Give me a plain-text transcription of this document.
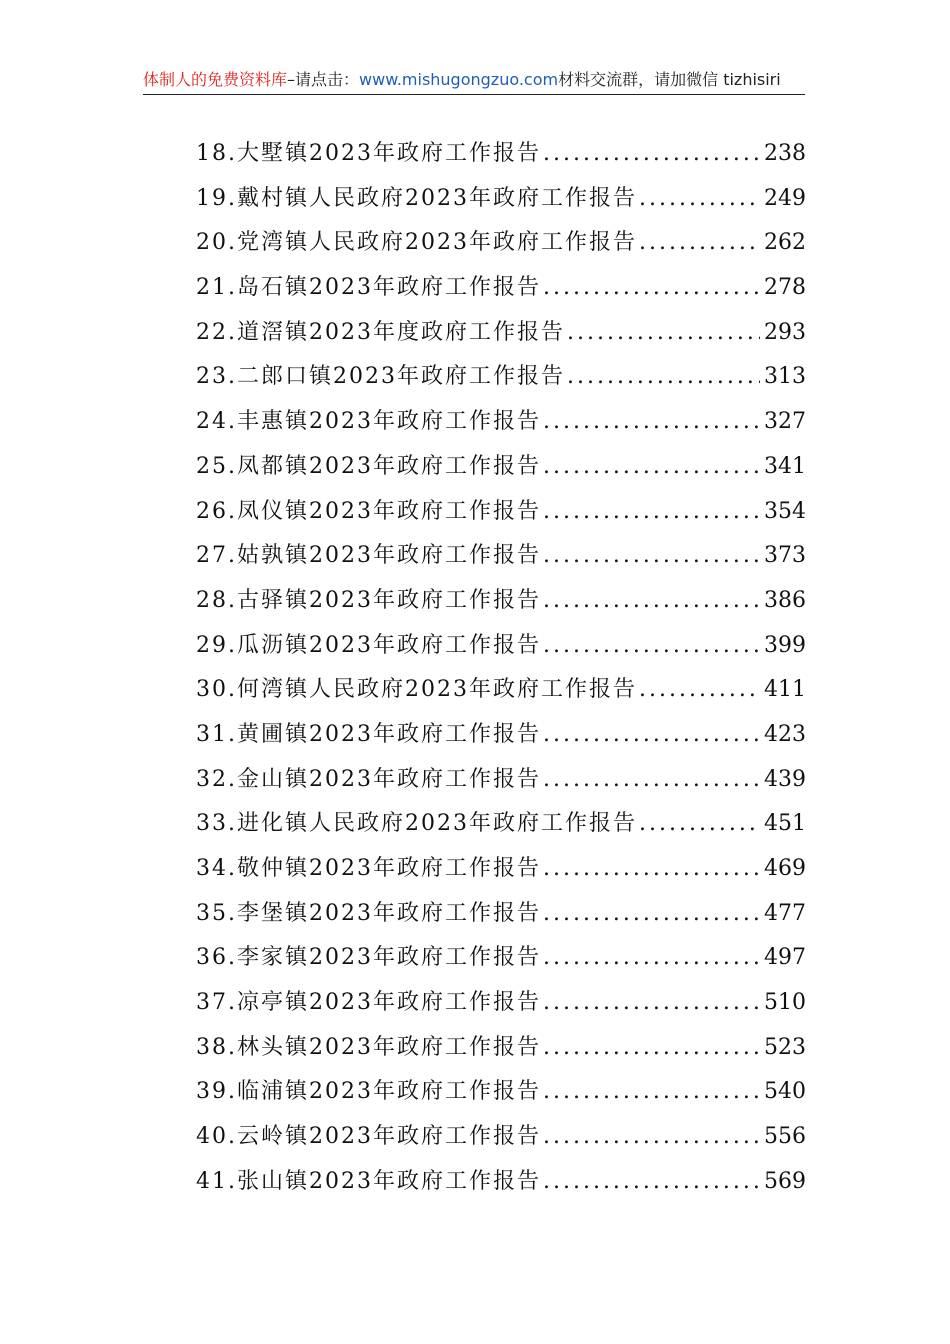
体制人的免费资料库–请点击：www.mishugongzuo.com材料交流群，请加微信 tizhisiri
18.大墅镇2023年政府工作报告 .....	238
19.戴村镇人民政府2023年政府工作报告 .....	249
20.党湾镇人民政府2023年政府工作报告 .....	262
21.岛石镇2023年政府工作报告 .....	278
22.道滘镇2023年度政府工作报告 .....	293
23.二郎口镇2023年政府工作报告 .....	313
24.丰惠镇2023年政府工作报告 .....	327
25.凤都镇2023年政府工作报告 .....	341
26.凤仪镇2023年政府工作报告 .....	354
27.姑孰镇2023年政府工作报告 .....	373
28.古驿镇2023年政府工作报告 .....	386
29.瓜沥镇2023年政府工作报告 .....	399
30.何湾镇人民政府2023年政府工作报告 .....	411
31.黄圃镇2023年政府工作报告 .....	423
32.金山镇2023年政府工作报告 .....	439
33.进化镇人民政府2023年政府工作报告 .....	451
34.敬仲镇2023年政府工作报告 .....	469
35.李堡镇2023年政府工作报告 .....	477
36.李家镇2023年政府工作报告 .....	497
37.凉亭镇2023年政府工作报告 .....	510
38.林头镇2023年政府工作报告 .....	523
39.临浦镇2023年政府工作报告 .....	540
40.云岭镇2023年政府工作报告 .....	556
41.张山镇2023年政府工作报告 .....	569
